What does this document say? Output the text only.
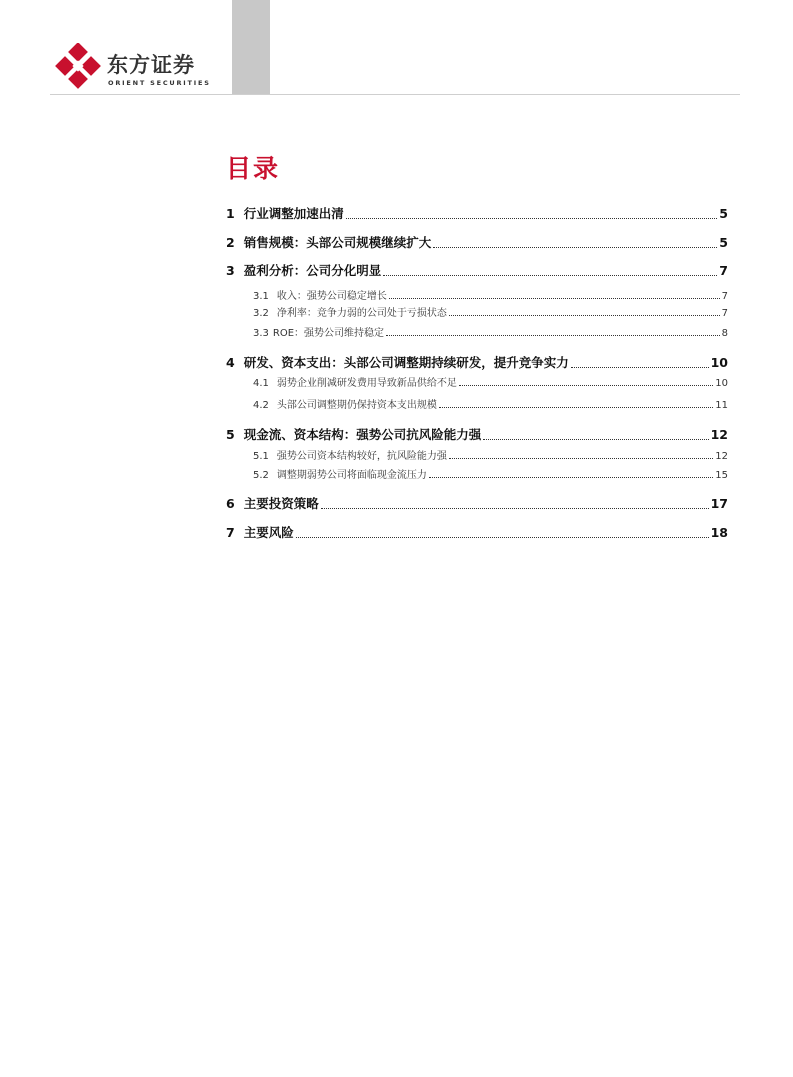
东方证券
ORIENT SECURITIES
目录
1 行业调整加速出清	5
2 销售规模：头部公司规模继续扩大	5
3 盈利分析：公司分化明显	7
3.1 收入：强势公司稳定增长	7
3.2 净利率：竞争力弱的公司处于亏损状态	7
3.3 ROE：强势公司维持稳定	8
4 研发、资本支出：头部公司调整期持续研发，提升竞争实力	10
4.1 弱势企业削减研发费用导致新品供给不足	10
4.2 头部公司调整期仍保持资本支出规模	11
5 现金流、资本结构：强势公司抗风险能力强	12
5.1 强势公司资本结构较好，抗风险能力强	12
5.2 调整期弱势公司将面临现金流压力	15
6 主要投资策略	17
7 主要风险	18
